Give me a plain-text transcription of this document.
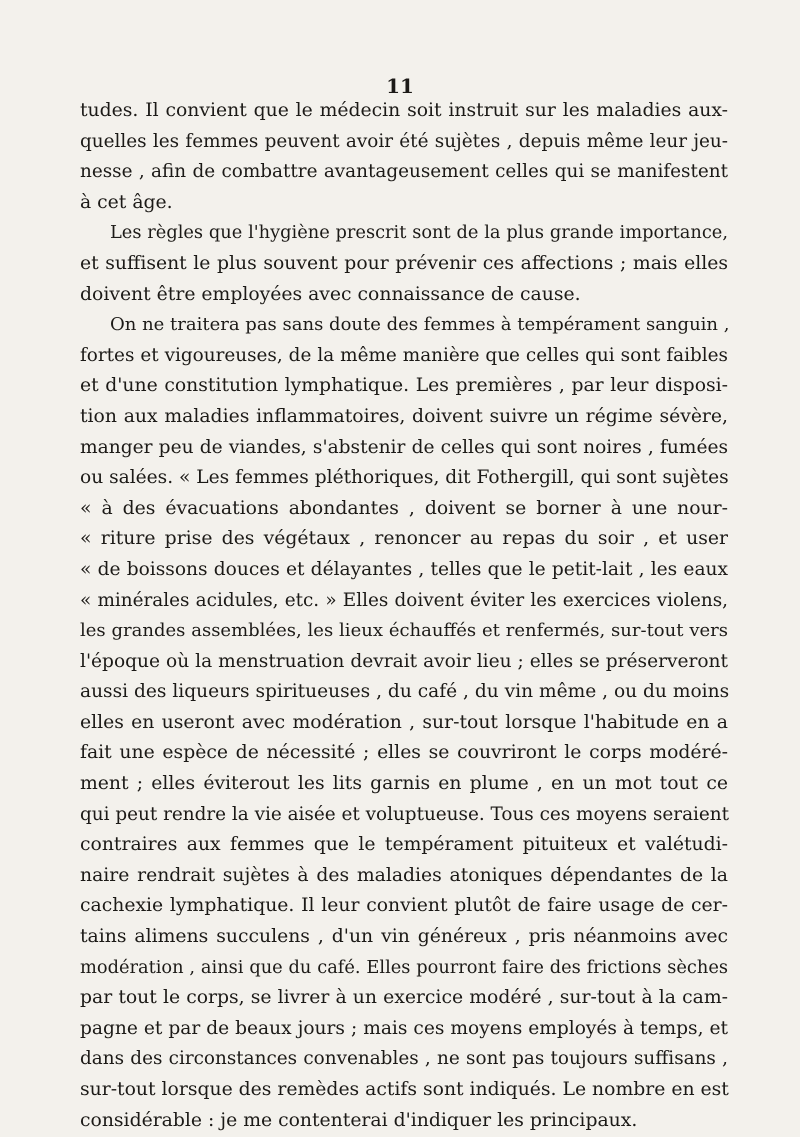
11
tudes. Il convient que le médecin soit instruit sur les maladies aux-
quelles les femmes peuvent avoir été sujètes , depuis même leur jeu-
nesse , afin de combattre avantageusement celles qui se manifestent
à cet âge.
Les règles que l'hygiène prescrit sont de la plus grande importance,
et suffisent le plus souvent pour prévenir ces affections ; mais elles
doivent être employées avec connaissance de cause.
On ne traitera pas sans doute des femmes à tempérament sanguin ,
fortes et vigoureuses, de la même manière que celles qui sont faibles
et d'une constitution lymphatique. Les premières , par leur disposi-
tion aux maladies inflammatoires, doivent suivre un régime sévère,
manger peu de viandes, s'abstenir de celles qui sont noires , fumées
ou salées. « Les femmes pléthoriques, dit Fothergill, qui sont sujètes
« à des évacuations abondantes , doivent se borner à une nour-
« riture prise des végétaux , renoncer au repas du soir , et user
« de boissons douces et délayantes , telles que le petit-lait , les eaux
« minérales acidules, etc. » Elles doivent éviter les exercices violens,
les grandes assemblées, les lieux échauffés et renfermés, sur-tout vers
l'époque où la menstruation devrait avoir lieu ; elles se préserveront
aussi des liqueurs spiritueuses , du café , du vin même , ou du moins
elles en useront avec modération , sur-tout lorsque l'habitude en a
fait une espèce de nécessité ; elles se couvriront le corps modéré-
ment ; elles éviterout les lits garnis en plume , en un mot tout ce
qui peut rendre la vie aisée et voluptueuse. Tous ces moyens seraient
contraires aux femmes que le tempérament pituiteux et valétudi-
naire rendrait sujètes à des maladies atoniques dépendantes de la
cachexie lymphatique. Il leur convient plutôt de faire usage de cer-
tains alimens succulens , d'un vin généreux , pris néanmoins avec
modération , ainsi que du café. Elles pourront faire des frictions sèches
par tout le corps, se livrer à un exercice modéré , sur-tout à la cam-
pagne et par de beaux jours ; mais ces moyens employés à temps, et
dans des circonstances convenables , ne sont pas toujours suffisans ,
sur-tout lorsque des remèdes actifs sont indiqués. Le nombre en est
considérable : je me contenterai d'indiquer les principaux.
